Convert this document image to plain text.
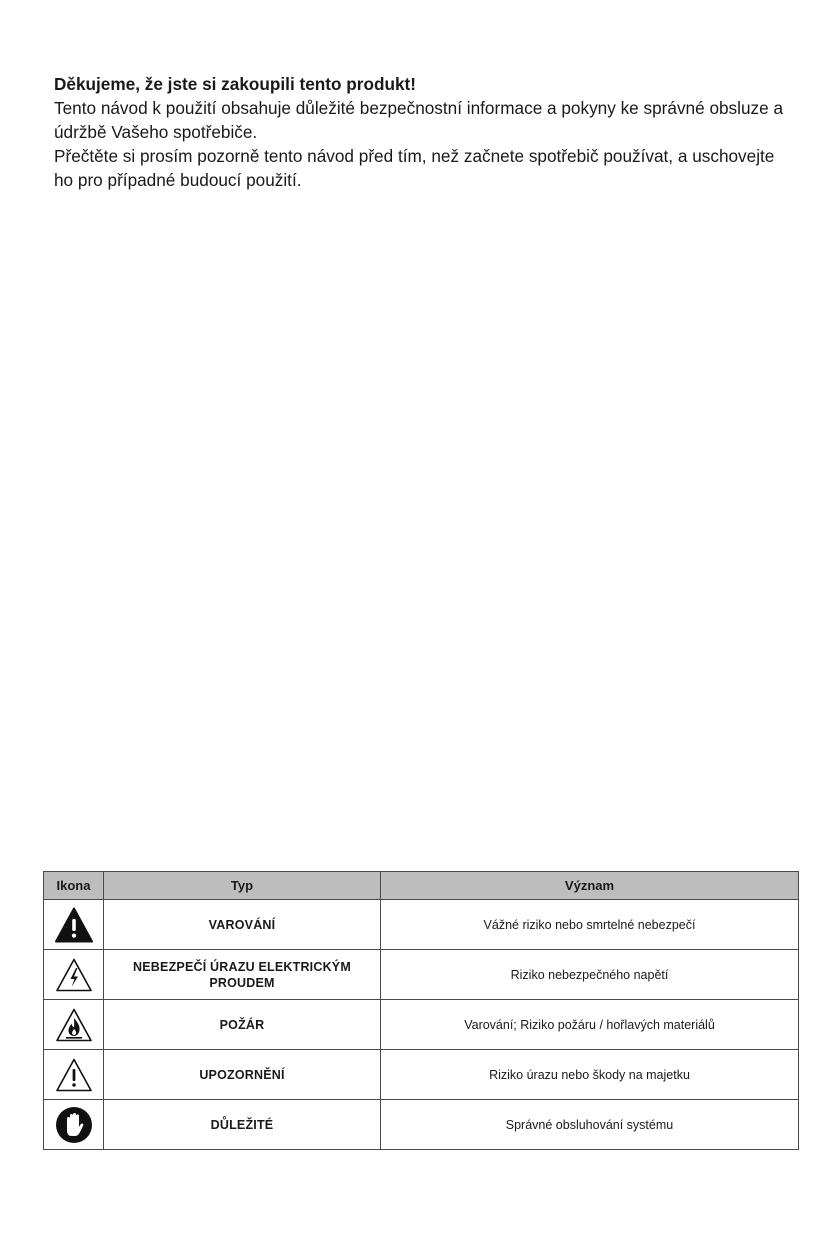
Děkujeme, že jste si zakoupili tento produkt!

Tento návod k použití obsahuje důležité bezpečnostní informace a pokyny ke správné obsluze a údržbě Vašeho spotřebiče.

Přečtěte si prosím pozorně tento návod před tím, než začnete spotřebič používat, a uschovejte ho pro případné budoucí použití.

Ikona	Typ	Význam

	VAROVÁNÍ	Vážné riziko nebo smrtelné nebezpečí

	NEBEZPEČÍ ÚRAZU ELEKTRICKÝM PROUDEM	Riziko nebezpečného napětí

	POŽÁR	Varování; Riziko požáru / hořlavých materiálů

	UPOZORNĚNÍ	Riziko úrazu nebo škody na majetku

	DŮLEŽITÉ	Správné obsluhování systému
